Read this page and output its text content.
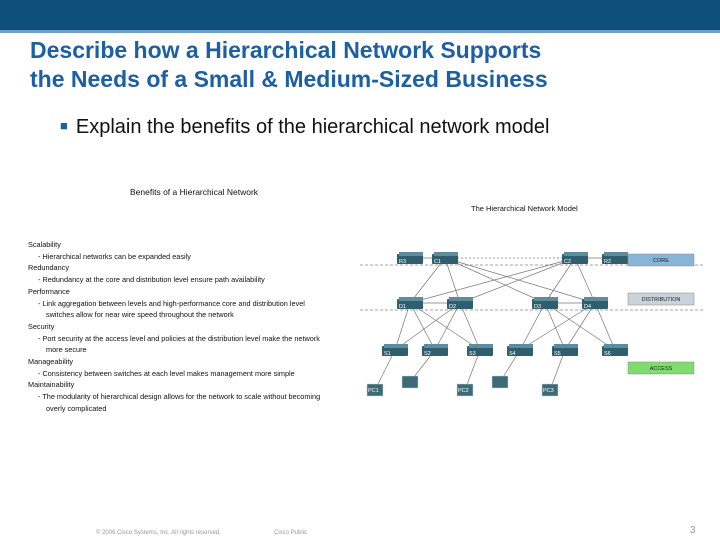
Describe how a Hierarchical Network Supports
the Needs of a Small & Medium-Sized Business
■ Explain the benefits of the hierarchical network model
Benefits of a Hierarchical Network
The Hierarchical Network Model
Scalability
- Hierarchical networks can be expanded easily
Redundancy
- Redundancy at the core and distribution level ensure path availability
Performance
- Link aggregation between levels and high-performance core and distribution level
switches allow for near wire speed throughout the network
Security
- Port security at the access level and policies at the distribution level make the network
more secure
Manageability
- Consistency between switches at each level makes management more simple
Maintainability
- The modularity of hierarchical design allows for the network to scale without becoming
overly complicated
R3	C1	C2	R2
D1	D2	D3	D4
S1	S2	S3	S4	S5	S6
PC1	PC2	PC3
CORE
DISTRIBUTION
ACCESS
© 2006 Cisco Systems, Inc. All rights reserved.	Cisco Public	3
